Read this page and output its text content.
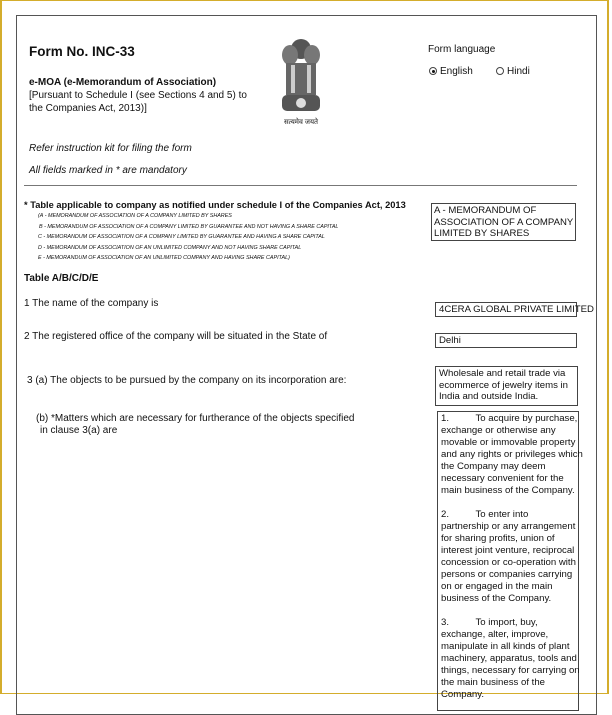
Form No. INC-33
e-MOA (e-Memorandum of Association)
[Pursuant to Schedule I (see Sections 4 and 5) to
the Companies Act, 2013)]
सत्यमेव जयते
Form language
English	Hindi
Refer instruction kit for filing the form
All fields marked in * are mandatory
* Table applicable to company as notified under schedule I of the Companies Act, 2013
(A - MEMORANDUM OF ASSOCIATION OF A COMPANY LIMITED BY SHARES
B - MEMORANDUM OF ASSOCIATION OF A COMPANY LIMITED BY GUARANTEE AND NOT HAVING A SHARE CAPITAL
C - MEMORANDUM OF ASSOCIATION OF A COMPANY LIMITED BY GUARANTEE AND HAVING A SHARE CAPITAL
D - MEMORANDUM OF ASSOCIATION OF AN UNLIMITED COMPANY AND NOT HAVING SHARE CAPITAL
E - MEMORANDUM OF ASSOCIATION OF AN UNLIMITED COMPANY AND HAVING SHARE CAPITAL)
A - MEMORANDUM OF
ASSOCIATION OF A COMPANY
LIMITED BY SHARES
Table A/B/C/D/E
1 The name of the company is
4CERA GLOBAL PRIVATE LIMITED
2 The registered office of the company will be situated in the State of	Delhi
3 (a) The objects to be pursued by the company on its incorporation are:
Wholesale and retail trade via
ecommerce of jewelry items in
India and outside India.
(b) *Matters which are necessary for furtherance of the objects specified
in clause 3(a) are
1.          To acquire by purchase,
exchange or otherwise any
movable or immovable property
and any rights or privileges which
the Company may deem
necessary convenient for the
main business of the Company.

2.          To enter into
partnership or any arrangement
for sharing profits, union of
interest joint venture, reciprocal
concession or co-operation with
persons or companies carrying
on or engaged in the main
business of the Company.

3.          To import, buy,
exchange, alter, improve,
manipulate in all kinds of plant
machinery, apparatus, tools and
things, necessary for carrying on
the main business of the
Company.
